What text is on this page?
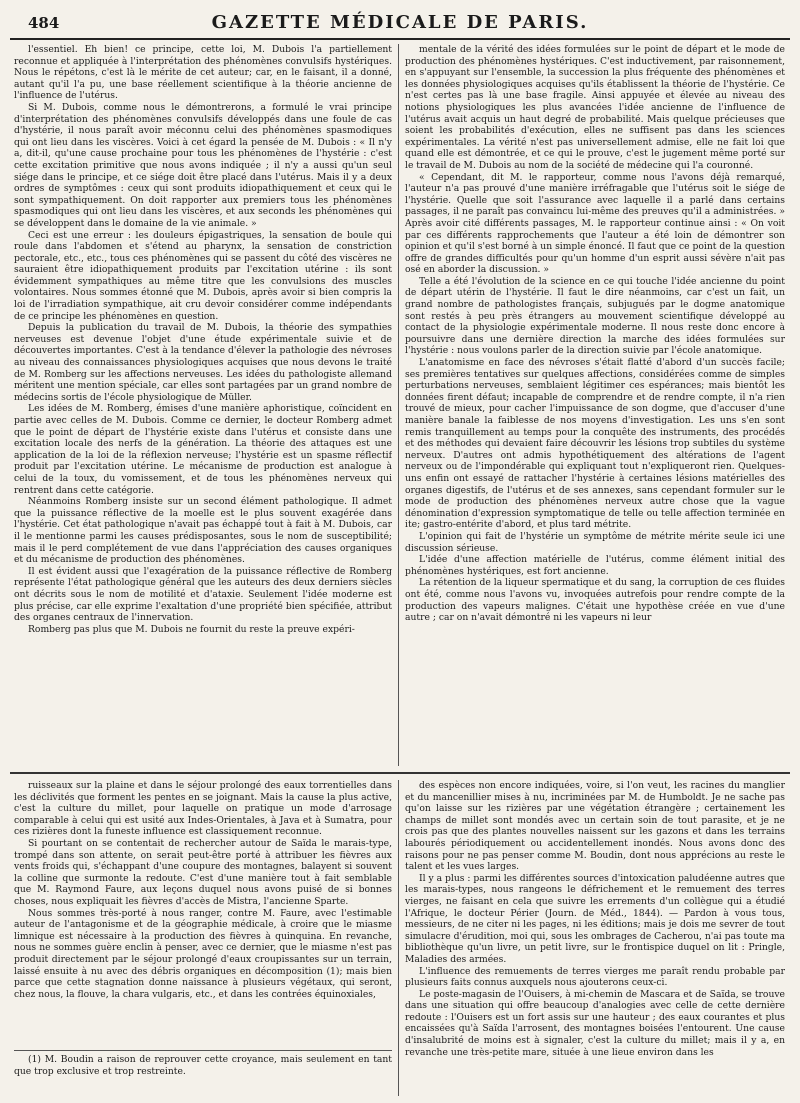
484	GAZETTE MÉDICALE DE PARIS.

l'essentiel. Eh bien! ce principe, cette loi, M. Dubois l'a partiellement reconnue et appliquée à l'interprétation des phénomènes convulsifs hystériques. Nous le répétons, c'est là le mérite de cet auteur; car, en le faisant, il a donné, autant qu'il l'a pu, une base réellement scientifique à la théorie ancienne de l'influence de l'utérus.

Si M. Dubois, comme nous le démontrerons, a formulé le vrai principe d'interprétation des phénomènes convulsifs développés dans une foule de cas d'hystérie, il nous paraît avoir méconnu celui des phénomènes spasmodiques qui ont lieu dans les viscères. Voici à cet égard la pensée de M. Dubois : « Il n'y a, dit-il, qu'une cause prochaine pour tous les phénomènes de l'hystérie : c'est cette excitation primitive que nous avons indiquée ; il n'y a aussi qu'un seul siége dans le principe, et ce siége doit être placé dans l'utérus. Mais il y a deux ordres de symptômes : ceux qui sont produits idiopathiquement et ceux qui le sont sympathiquement. On doit rapporter aux premiers tous les phénomènes spasmodiques qui ont lieu dans les viscères, et aux seconds les phénomènes qui se développent dans le domaine de la vie animale. »

Ceci est une erreur : les douleurs épigastriques, la sensation de boule qui roule dans l'abdomen et s'étend au pharynx, la sensation de constriction pectorale, etc., etc., tous ces phénomènes qui se passent du côté des viscères ne sauraient être idiopathiquement produits par l'excitation utérine : ils sont évidemment sympathiques au même titre que les convulsions des muscles volontaires. Nous sommes étonné que M. Dubois, après avoir si bien compris la loi de l'irradiation sympathique, ait cru devoir considérer comme indépendants de ce principe les phénomènes en question.

Depuis la publication du travail de M. Dubois, la théorie des sympathies nerveuses est devenue l'objet d'une étude expérimentale suivie et de découvertes importantes. C'est à la tendance d'élever la pathologie des névroses au niveau des connaissances physiologiques acquises que nous devons le traité de M. Romberg sur les affections nerveuses. Les idées du pathologiste allemand méritent une mention spéciale, car elles sont partagées par un grand nombre de médecins sortis de l'école physiologique de Müller.

Les idées de M. Romberg, émises d'une manière aphoristique, coïncident en partie avec celles de M. Dubois. Comme ce dernier, le docteur Romberg admet que le point de départ de l'hystérie existe dans l'utérus et consiste dans une excitation locale des nerfs de la génération. La théorie des attaques est une application de la loi de la réflexion nerveuse; l'hystérie est un spasme réflectif produit par l'excitation utérine. Le mécanisme de production est analogue à celui de la toux, du vomissement, et de tous les phénomènes nerveux qui rentrent dans cette catégorie.

Néanmoins Romberg insiste sur un second élément pathologique. Il admet que la puissance réflective de la moelle est le plus souvent exagérée dans l'hystérie. Cet état pathologique n'avait pas échappé tout à fait à M. Dubois, car il le mentionne parmi les causes prédisposantes, sous le nom de susceptibilité; mais il le perd complétement de vue dans l'appréciation des causes organiques et du mécanisme de production des phénomènes.

Il est évident aussi que l'exagération de la puissance réflective de Romberg représente l'état pathologique général que les auteurs des deux derniers siècles ont décrits sous le nom de motilité et d'ataxie. Seulement l'idée moderne est plus précise, car elle exprime l'exaltation d'une propriété bien spécifiée, attribut des organes centraux de l'innervation.

Romberg pas plus que M. Dubois ne fournit du reste la preuve expéri-

mentale de la vérité des idées formulées sur le point de départ et le mode de production des phénomènes hystériques. C'est inductivement, par raisonnement, en s'appuyant sur l'ensemble, la succession la plus fréquente des phénomènes et les données physiologiques acquises qu'ils établissent la théorie de l'hystérie. Ce n'est certes pas là une base fragile. Ainsi appuyée et élevée au niveau des notions physiologiques les plus avancées l'idée ancienne de l'influence de l'utérus avait acquis un haut degré de probabilité. Mais quelque précieuses que soient les probabilités d'exécution, elles ne suffisent pas dans les sciences expérimentales. La vérité n'est pas universellement admise, elle ne fait loi que quand elle est démontrée, et ce qui le prouve, c'est le jugement même porté sur le travail de M. Dubois au nom de la société de médecine qui l'a couronné.

« Cependant, dit M. le rapporteur, comme nous l'avons déjà remarqué, l'auteur n'a pas prouvé d'une manière irréfragable que l'utérus soit le siége de l'hystérie. Quelle que soit l'assurance avec laquelle il a parlé dans certains passages, il ne paraît pas convaincu lui-même des preuves qu'il a administrées. » Après avoir cité différents passages, M. le rapporteur continue ainsi : « On voit par ces différents rapprochements que l'auteur a été loin de démontrer son opinion et qu'il s'est borné à un simple énoncé. Il faut que ce point de la question offre de grandes difficultés pour qu'un homme d'un esprit aussi sévère n'ait pas osé en aborder la discussion. »

Telle a été l'évolution de la science en ce qui touche l'idée ancienne du point de départ utérin de l'hystérie. Il faut le dire néanmoins, car c'est un fait, un grand nombre de pathologistes français, subjugués par le dogme anatomique sont restés à peu près étrangers au mouvement scientifique développé au contact de la physiologie expérimentale moderne. Il nous reste donc encore à poursuivre dans une dernière direction la marche des idées formulées sur l'hystérie : nous voulons parler de la direction suivie par l'école anatomique.

L'anatomisme en face des névroses s'était flatté d'abord d'un succès facile; ses premières tentatives sur quelques affections, considérées comme de simples perturbations nerveuses, semblaient légitimer ces espérances; mais bientôt les données firent défaut; incapable de comprendre et de rendre compte, il n'a rien trouvé de mieux, pour cacher l'impuissance de son dogme, que d'accuser d'une manière banale la faiblesse de nos moyens d'investigation. Les uns s'en sont remis tranquillement au temps pour la conquête des instruments, des procédés et des méthodes qui devaient faire découvrir les lésions trop subtiles du système nerveux. D'autres ont admis hypothétiquement des altérations de l'agent nerveux ou de l'impondérable qui expliquant tout n'expliqueront rien. Quelques-uns enfin ont essayé de rattacher l'hystérie à certaines lésions matérielles des organes digestifs, de l'utérus et de ses annexes, sans cependant formuler sur le mode de production des phénomènes nerveux autre chose que la vague dénomination d'expression symptomatique de telle ou telle affection terminée en ite; gastro-entérite d'abord, et plus tard métrite.

L'opinion qui fait de l'hystérie un symptôme de métrite mérite seule ici une discussion sérieuse.

L'idée d'une affection matérielle de l'utérus, comme élément initial des phénomènes hystériques, est fort ancienne.

La rétention de la liqueur spermatique et du sang, la corruption de ces fluides ont été, comme nous l'avons vu, invoquées autrefois pour rendre compte de la production des vapeurs malignes. C'était une hypothèse créée en vue d'une autre ; car on n'avait démontré ni les vapeurs ni leur

ruisseaux sur la plaine et dans le séjour prolongé des eaux torrentielles dans les déclivités que forment les pentes en se joignant. Mais la cause la plus active, c'est la culture du millet, pour laquelle on pratique un mode d'arrosage comparable à celui qui est usité aux Indes-Orientales, à Java et à Sumatra, pour ces rizières dont la funeste influence est classiquement reconnue.

Si pourtant on se contentait de rechercher autour de Saïda le marais-type, trompé dans son attente, on serait peut-être porté à attribuer les fièvres aux vents froids qui, s'échappant d'une coupure des montagnes, balayent si souvent la colline que surmonte la redoute. C'est d'une manière tout à fait semblable que M. Raymond Faure, aux leçons duquel nous avons puisé de si bonnes choses, nous expliquait les fièvres d'accès de Mistra, l'ancienne Sparte.

Nous sommes très-porté à nous ranger, contre M. Faure, avec l'estimable auteur de l'antagonisme et de la géographie médicale, à croire que le miasme limnique est nécessaire à la production des fièvres à quinquina. En revanche, nous ne sommes guère enclin à penser, avec ce dernier, que le miasme n'est pas produit directement par le séjour prolongé d'eaux croupissantes sur un terrain, laissé ensuite à nu avec des débris organiques en décomposition (1); mais bien parce que cette stagnation donne naissance à plusieurs végétaux, qui seront, chez nous, la flouve, la chara vulgaris, etc., et dans les contrées équinoxiales,

(1) M. Boudin a raison de reprouver cette croyance, mais seulement en tant que trop exclusive et trop restreinte.

des espèces non encore indiquées, voire, si l'on veut, les racines du manglier et du mancenillier mises à nu, incriminées par M. de Humboldt. Je ne sache pas qu'on laisse sur les rizières par une végétation étrangère ; certainement les champs de millet sont mondés avec un certain soin de tout parasite, et je ne crois pas que des plantes nouvelles naissent sur les gazons et dans les terrains labourés périodiquement ou accidentellement inondés. Nous avons donc des raisons pour ne pas penser comme M. Boudin, dont nous apprécions au reste le talent et les vues larges.

Il y a plus : parmi les différentes sources d'intoxication paludéenne autres que les marais-types, nous rangeons le défrichement et le remuement des terres vierges, ne faisant en cela que suivre les errements d'un collègue qui a étudié l'Afrique, le docteur Périer (Journ. de Méd., 1844). — Pardon à vous tous, messieurs, de ne citer ni les pages, ni les éditions; mais je dois me sevrer de tout simulacre d'érudition, moi qui, sous les ombrages de Cacherou, n'ai pas toute ma bibliothèque qu'un livre, un petit livre, sur le frontispice duquel on lit : Pringle, Maladies des armées.

L'influence des remuements de terres vierges me paraît rendu probable par plusieurs faits connus auxquels nous ajouterons ceux-ci.

Le poste-magasin de l'Ouisers, à mi-chemin de Mascara et de Saïda, se trouve dans une situation qui offre beaucoup d'analogies avec celle de cette dernière redoute : l'Ouisers est un fort assis sur une hauteur ; des eaux courantes et plus encaissées qu'à Saïda l'arrosent, des montagnes boisées l'entourent. Une cause d'insalubrité de moins est à signaler, c'est la culture du millet; mais il y a, en revanche une très-petite mare, située à une lieue environ dans les
